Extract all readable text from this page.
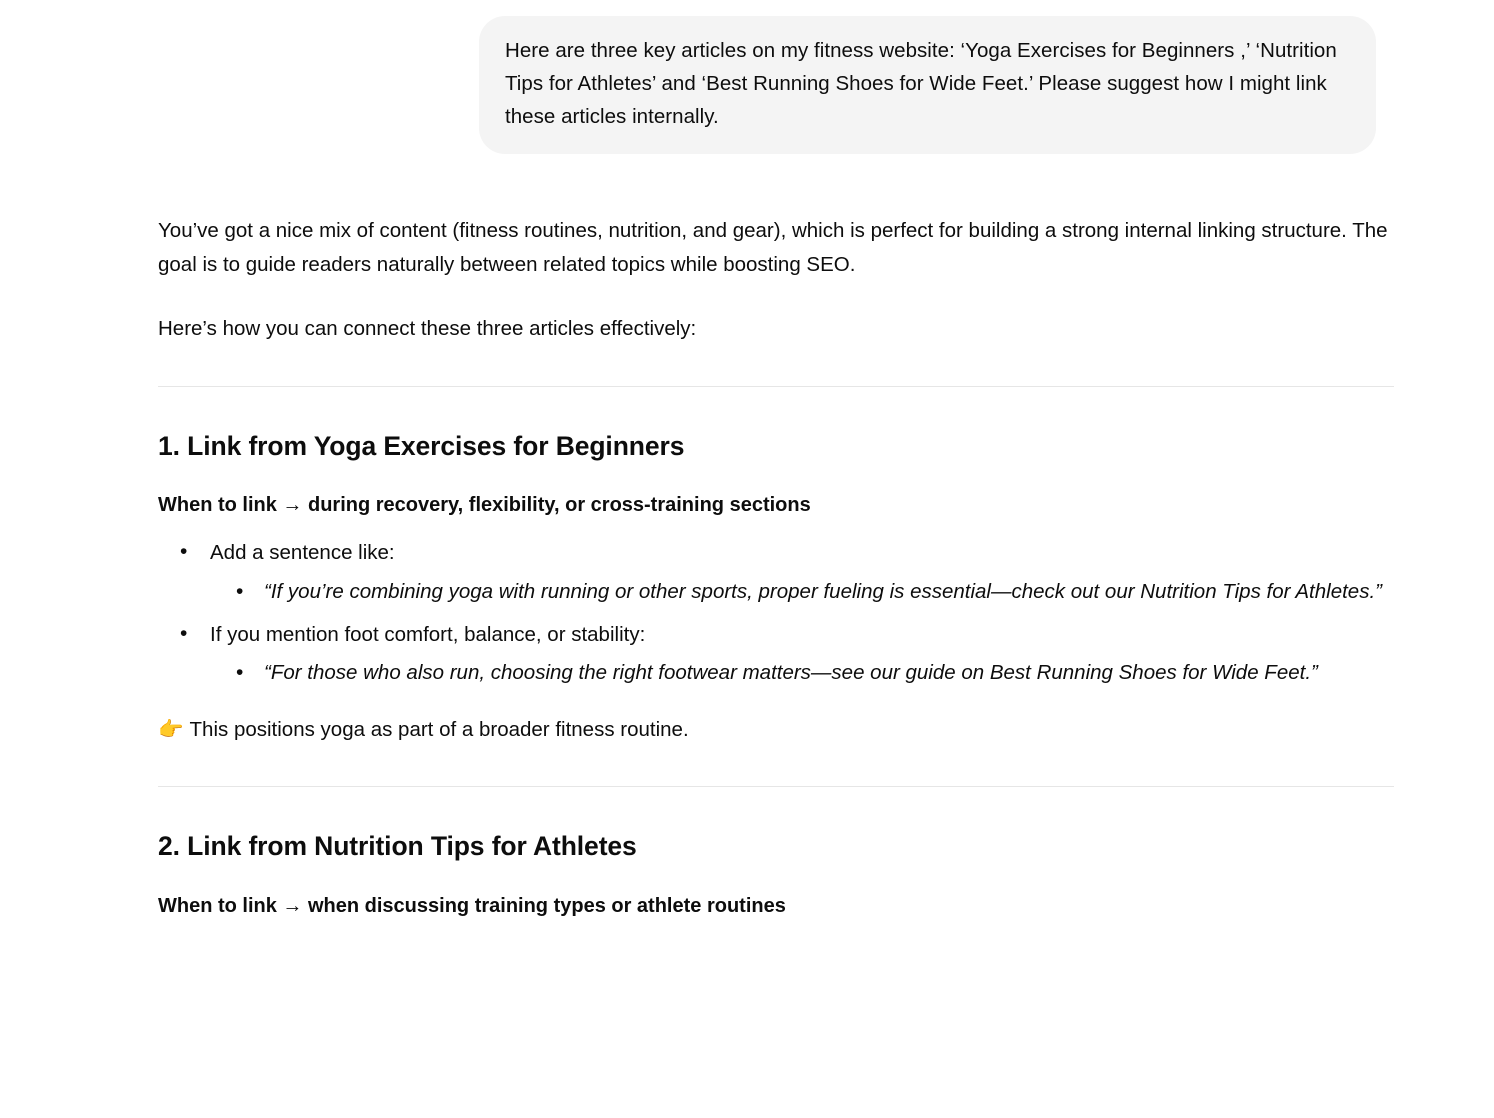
Here are three key articles on my fitness website: ‘Yoga Exercises for Beginners ,’ ‘Nutrition Tips for Athletes’ and ‘Best Running Shoes for Wide Feet.’ Please suggest how I might link these articles internally.

You’ve got a nice mix of content (fitness routines, nutrition, and gear), which is perfect for building a strong internal linking structure. The goal is to guide readers naturally between related topics while boosting SEO.

Here’s how you can connect these three articles effectively:

1. Link from Yoga Exercises for Beginners

When to link → during recovery, flexibility, or cross-training sections

• Add a sentence like:
• “If you’re combining yoga with running or other sports, proper fueling is essential—check out our Nutrition Tips for Athletes.”
• If you mention foot comfort, balance, or stability:
• “For those who also run, choosing the right footwear matters—see our guide on Best Running Shoes for Wide Feet.”

👉 This positions yoga as part of a broader fitness routine.

2. Link from Nutrition Tips for Athletes

When to link → when discussing training types or athlete routines
